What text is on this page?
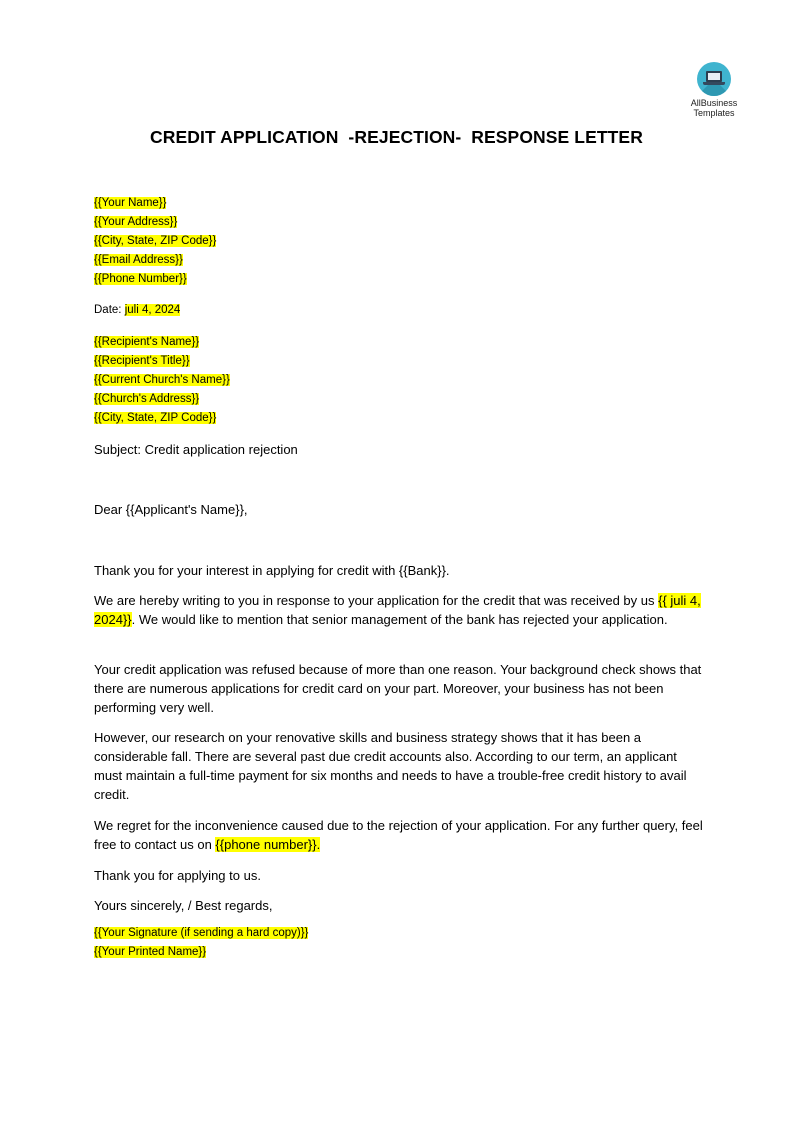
AllBusiness
Templates
CREDIT APPLICATION  -REJECTION-  RESPONSE LETTER
{{Your Name}}
{{Your Address}}
{{City, State, ZIP Code}}
{{Email Address}}
{{Phone Number}}
Date: juli 4, 2024
{{Recipient's Name}}
{{Recipient's Title}}
{{Current Church's Name}}
{{Church's Address}}
{{City, State, ZIP Code}}
Subject: Credit application rejection
Dear {{Applicant's Name}},
Thank you for your interest in applying for credit with {{Bank}}.

We are hereby writing to you in response to your application for the credit that was received by us {{ juli 4, 2024}}. We would like to mention that senior management of the bank has rejected your application.

Your credit application was refused because of more than one reason. Your background check shows that there are numerous applications for credit card on your part. Moreover, your business has not been performing very well.

However, our research on your renovative skills and business strategy shows that it has been a considerable fall. There are several past due credit accounts also. According to our term, an applicant must maintain a full-time payment for six months and needs to have a trouble-free credit history to avail credit.

We regret for the inconvenience caused due to the rejection of your application. For any further query, feel free to contact us on {{phone number}}.

Thank you for applying to us.
Yours sincerely, / Best regards,
{{Your Signature (if sending a hard copy)}}
{{Your Printed Name}}
